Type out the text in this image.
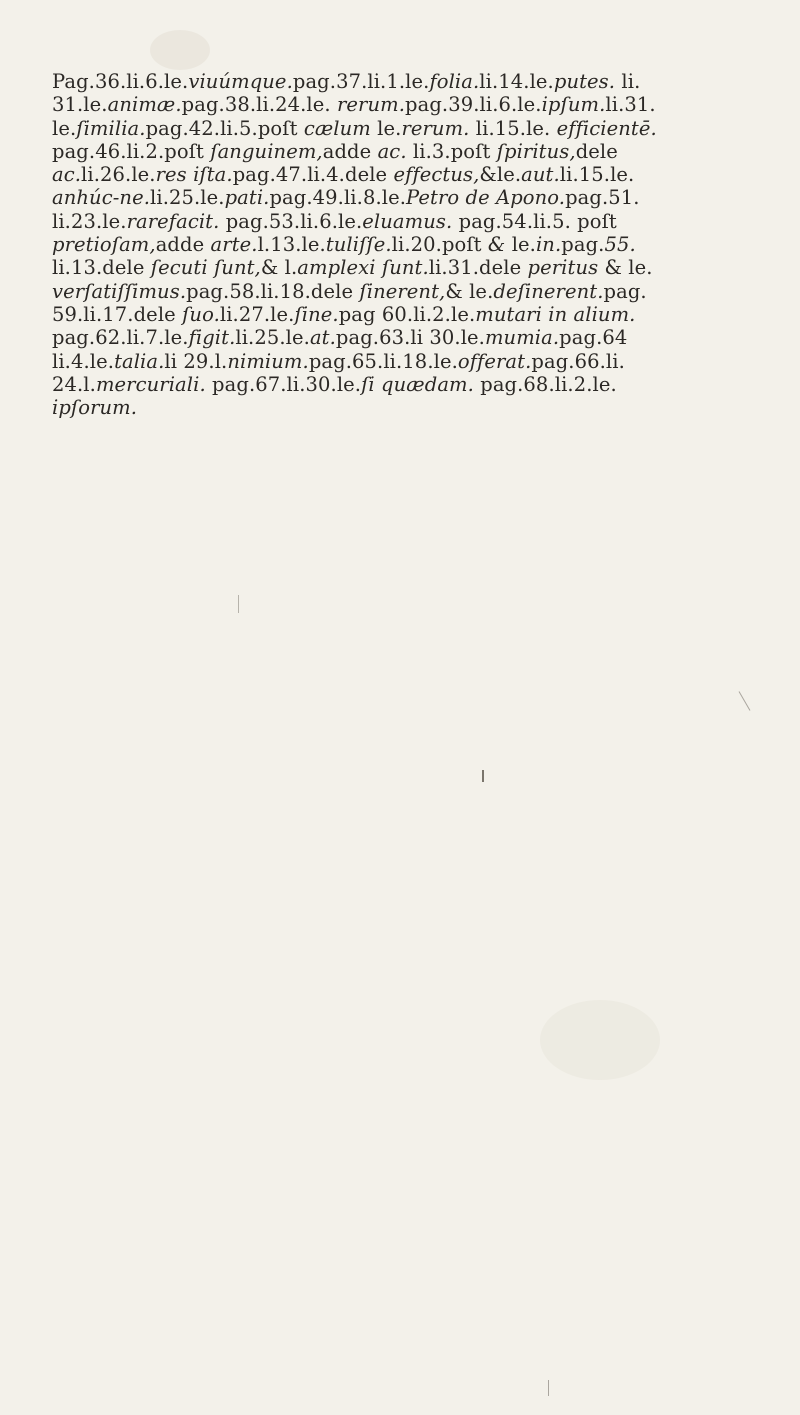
Pag.36.li.6.le.viuúmque.pag.37.li.1.le.folia.li.14.le.putes. li.
31.le.animæ.pag.38.li.24.le. rerum.pag.39.li.6.le.ipſum.li.31.
le.ſimilia.pag.42.li.5.poſt cælum le.rerum. li.15.le. efficientē.
pag.46.li.2.poſt ſanguinem,adde ac. li.3.poſt ſpiritus,dele
ac.li.26.le.res iſta.pag.47.li.4.dele effectus,&le.aut.li.15.le.
anhúc-ne.li.25.le.pati.pag.49.li.8.le.Petro de Apono.pag.51.
li.23.le.rarefacit. pag.53.li.6.le.eluamus. pag.54.li.5. poſt
pretioſam,adde arte.l.13.le.tuliſſe.li.20.poſt & le.in.pag.55.
li.13.dele ſecuti ſunt,& l.amplexi ſunt.li.31.dele peritus & le.
verſatiſſimus.pag.58.li.18.dele ſinerent,& le.deſinerent.pag.
59.li.17.dele ſuo.li.27.le.ſine.pag 60.li.2.le.mutari in alium.
pag.62.li.7.le.figit.li.25.le.at.pag.63.li 30.le.mumia.pag.64
li.4.le.talia.li 29.l.nimium.pag.65.li.18.le.offerat.pag.66.li.
24.l.mercuriali. pag.67.li.30.le.ſi quædam. pag.68.li.2.le.
ipſorum.
